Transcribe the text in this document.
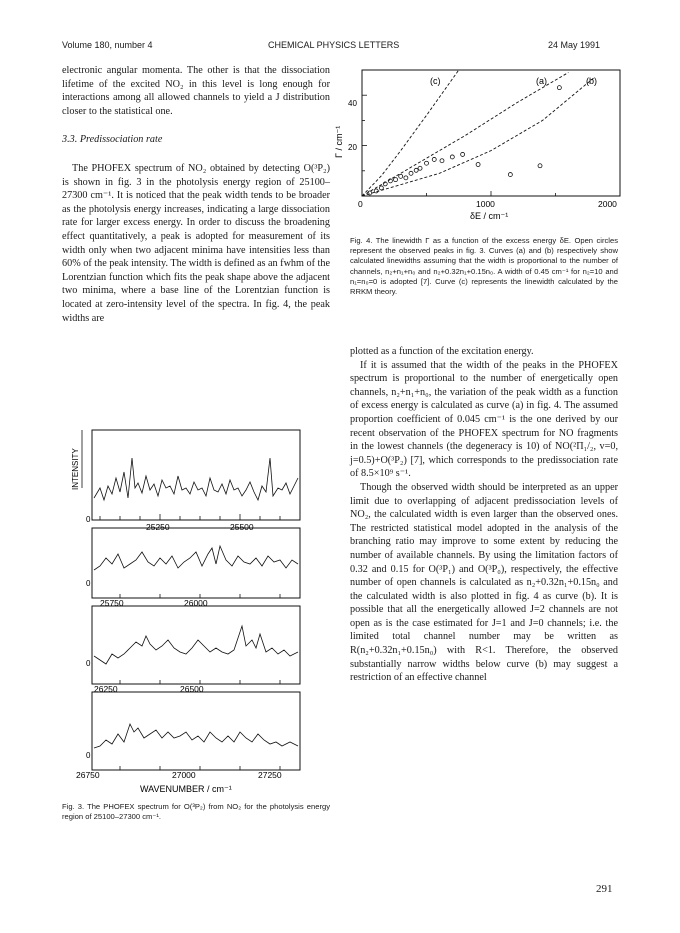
Volume 180, number 4	CHEMICAL PHYSICS LETTERS	24 May 1991

electronic angular momenta. The other is that the dissociation lifetime of the excited NO₂ in this level is long enough for interactions among all allowed channels to yield a J distribution closer to the statistical one.

3.3. Predissociation rate

The PHOFEX spectrum of NO₂ obtained by detecting O(³P₂) is shown in fig. 3 in the photolysis energy region of 25100–27300 cm⁻¹. It is noticed that the peak width tends to be broader as the photolysis energy increases, indicating a large dissociation rate for larger excess energy. In order to discuss the broadening effect quantitatively, a peak is adopted for measurement of its width only when two adjacent minima have intensities less than 60% of the peak intensity. The width is defined as an fwhm of the Lorentzian function which fits the peak shape above the adjacent two minima, where a base line of the Lorentzian function is located at zero-intensity level of the spectra. In fig. 4, the peak widths are

INTENSITY
0
25250	25500
0
25750	26000
0
26250	26500
0
26750	27000	27250
WAVENUMBER / cm⁻¹
Fig. 3. The PHOFEX spectrum for O(³P₂) from NO₂ for the photolysis energy region of 25100–27300 cm⁻¹.
40
20
0	1000	2000
Γ / cm⁻¹
δE / cm⁻¹
(c)	(a)	(b)
Fig. 4. The linewidth Γ as a function of the excess energy δE. Open circles represent the observed peaks in fig. 3. Curves (a) and (b) respectively show calculated linewidths assuming that the width is proportional to the number of channels, n₂+n₁+n₀ and n₂+0.32n₁+0.15n₀. A width of 0.45 cm⁻¹ for n₂=10 and n₁=n₀=0 is adopted [7]. Curve (c) represents the linewidth calculated by the RRKM theory.

plotted as a function of the excitation energy.

If it is assumed that the width of the peaks in the PHOFEX spectrum is proportional to the number of energetically open channels, n₂+n₁+n₀, the variation of the peak width as a function of excess energy is calculated as curve (a) in fig. 4. The assumed proportion coefficient of 0.045 cm⁻¹ is the one derived by our recent observation of the PHOFEX spectrum for NO fragments in the lowest channels (the degeneracy is 10) of NO(²Π₁/₂, v=0, j=0.5)+O(³P₂) [7], which corresponds to the predissociation rate of 8.5×10⁹ s⁻¹.

Though the observed width should be interpreted as an upper limit due to overlapping of adjacent predissociation levels of NO₂, the calculated width is even larger than the observed ones. The restricted statistical model adopted in the analysis of the branching ratio may improve to some extent by reducing the number of available channels. By using the limitation factors of 0.32 and 0.15 for O(³P₁) and O(³P₀), respectively, the effective number of open channels is calculated as n₂+0.32n₁+0.15n₀ and the calculated width is also plotted in fig. 4 as curve (b). It is possible that all the energetically allowed J=2 channels are not open as is the case estimated for J=1 and J=0 channels; i.e. the limited total channel number may be written as R(n₂+0.32n₁+0.15n₀) with R<1. Therefore, the observed substantially narrow widths below curve (b) may suggest a restriction of an effective channel

291
